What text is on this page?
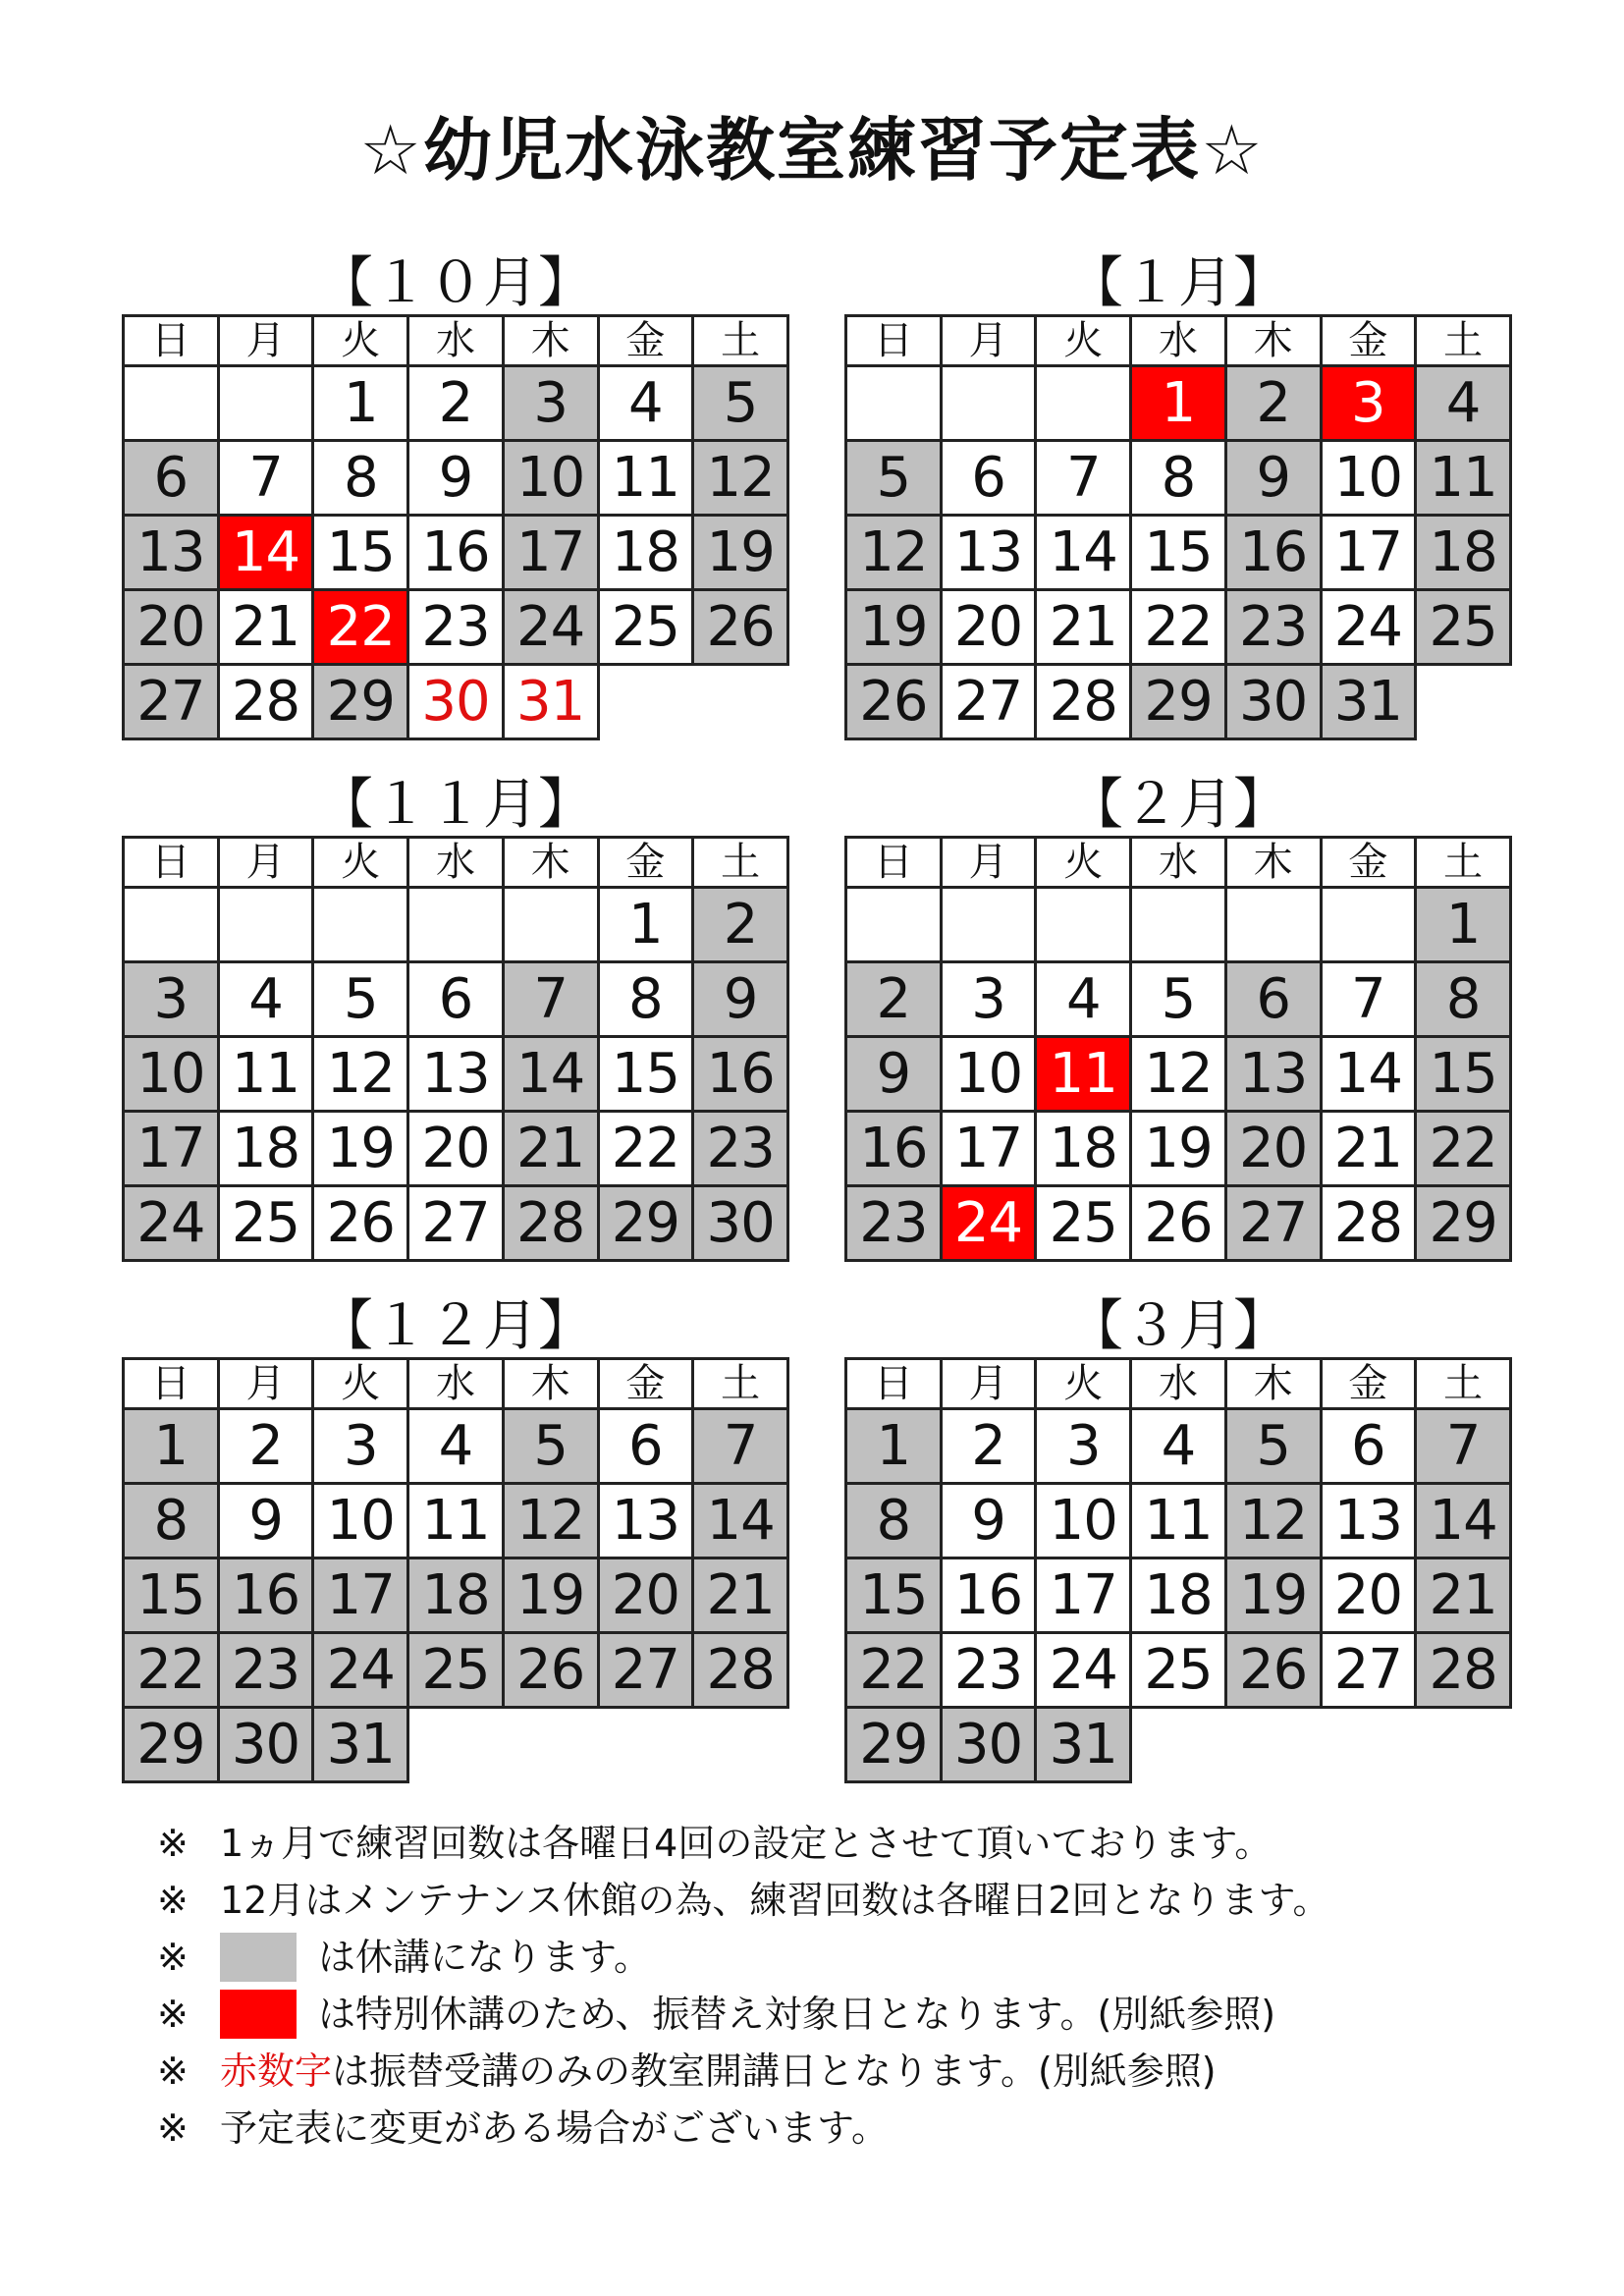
☆幼児水泳教室練習予定表☆
【１０月】
日	月	火	水	木	金	土
		1	2	3	4	5
6	7	8	9	10	11	12
13	14	15	16	17	18	19
20	21	22	23	24	25	26
27	28	29	30	31		
【１月】
日	月	火	水	木	金	土
			1	2	3	4
5	6	7	8	9	10	11
12	13	14	15	16	17	18
19	20	21	22	23	24	25
26	27	28	29	30	31	
【１１月】
日	月	火	水	木	金	土
					1	2
3	4	5	6	7	8	9
10	11	12	13	14	15	16
17	18	19	20	21	22	23
24	25	26	27	28	29	30
【２月】
日	月	火	水	木	金	土
						1
2	3	4	5	6	7	8
9	10	11	12	13	14	15
16	17	18	19	20	21	22
23	24	25	26	27	28	29
【１２月】
日	月	火	水	木	金	土
1	2	3	4	5	6	7
8	9	10	11	12	13	14
15	16	17	18	19	20	21
22	23	24	25	26	27	28
29	30	31				
【３月】
日	月	火	水	木	金	土
1	2	3	4	5	6	7
8	9	10	11	12	13	14
15	16	17	18	19	20	21
22	23	24	25	26	27	28
29	30	31				
※ 1ヵ月で練習回数は各曜日4回の設定とさせて頂いております。
※ 12月はメンテナンス休館の為、練習回数は各曜日2回となります。
※	は休講になります。
※	は特別休講のため、振替え対象日となります。(別紙参照)
※ 赤数字 は振替受講のみの教室開講日となります。(別紙参照)
※ 予定表に変更がある場合がございます。
